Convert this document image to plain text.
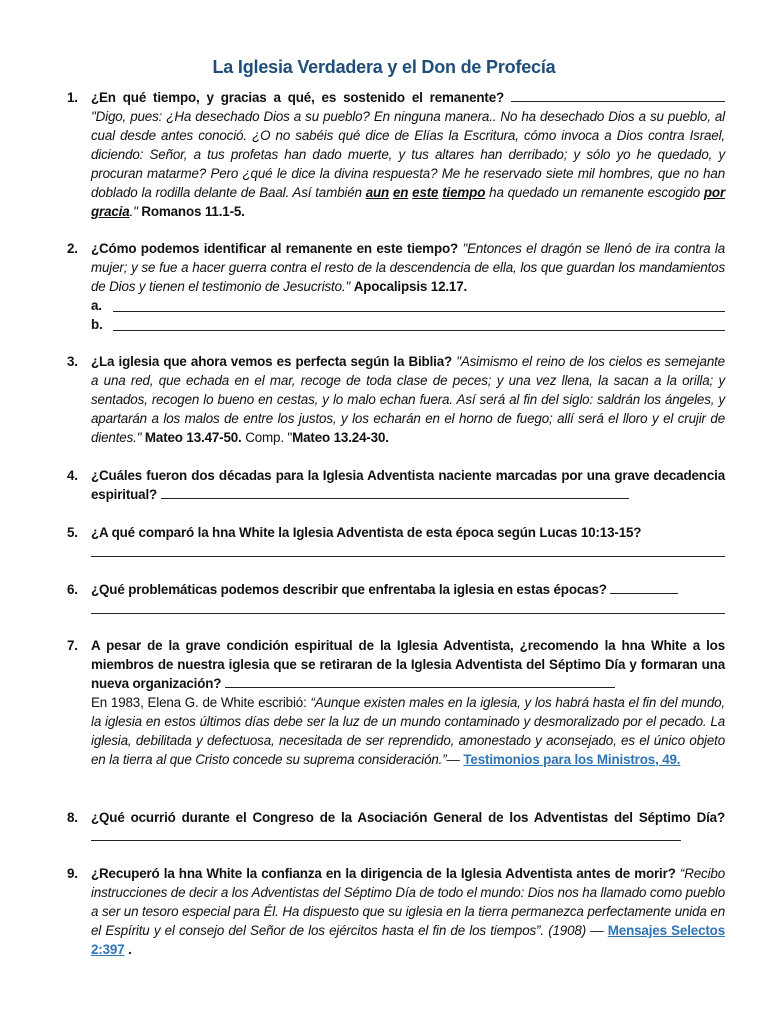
La Iglesia Verdadera y el Don de Profecía
1. ¿En qué tiempo, y gracias a qué, es sostenido el remanente?  "Digo, pues: ¿Ha desechado Dios a su pueblo? En ninguna manera.. No ha desechado Dios a su pueblo, al cual desde antes conoció. ¿O no sabéis qué dice de Elías la Escritura, cómo invoca a Dios contra Israel, diciendo: Señor, a tus profetas han dado muerte, y tus altares han derribado; y sólo yo he quedado, y procuran matarme? Pero ¿qué le dice la divina respuesta? Me he reservado siete mil hombres, que no han doblado la rodilla delante de Baal. Así también aun en este tiempo ha quedado un remanente escogido por gracia." Romanos 11.1-5.
2. ¿Cómo podemos identificar al remanente en este tiempo? "Entonces el dragón se llenó de ira contra la mujer; y se fue a hacer guerra contra el resto de la descendencia de ella, los que guardan los mandamientos de Dios y tienen el testimonio de Jesucristo." Apocalipsis 12.17.
a.
b.
3. ¿La iglesia que ahora vemos es perfecta según la Biblia? "Asimismo el reino de los cielos es semejante a una red, que echada en el mar, recoge de toda clase de peces; y una vez llena, la sacan a la orilla; y sentados, recogen lo bueno en cestas, y lo malo echan fuera. Así será al fin del siglo: saldrán los ángeles, y apartarán a los malos de entre los justos, y los echarán en el horno de fuego; allí será el lloro y el crujir de dientes." Mateo 13.47-50. Comp. "Mateo 13.24-30.
4. ¿Cuáles fueron dos décadas para la Iglesia Adventista naciente marcadas por una grave decadencia espiritual?
5. ¿A qué comparó la hna White la Iglesia Adventista de esta época según Lucas 10:13-15?
6. ¿Qué problemáticas podemos describir que enfrentaba la iglesia en estas épocas?
7. A pesar de la grave condición espiritual de la Iglesia Adventista, ¿recomendo la hna White a los miembros de nuestra iglesia que se retiraran de la Iglesia Adventista del Séptimo Día y formaran una nueva organización?
En 1983, Elena G. de White escribió: “Aunque existen males en la iglesia, y los habrá hasta el fin del mundo, la iglesia en estos últimos días debe ser la luz de un mundo contaminado y desmoralizado por el pecado. La iglesia, debilitada y defectuosa, necesitada de ser reprendido, amonestado y aconsejado, es el único objeto en la tierra al que Cristo concede su suprema consideración.”— Testimonios para los Ministros, 49.
8. ¿Qué ocurrió durante el Congreso de la Asociación General de los Adventistas del Séptimo Día?
9. ¿Recuperó la hna White la confianza en la dirigencia de la Iglesia Adventista antes de morir? “Recibo instrucciones de decir a los Adventistas del Séptimo Día de todo el mundo: Dios nos ha llamado como pueblo a ser un tesoro especial para Él. Ha dispuesto que su iglesia en la tierra permanezca perfectamente unida en el Espíritu y el consejo del Señor de los ejércitos hasta el fin de los tiempos”. (1908) — Mensajes Selectos 2:397 .
